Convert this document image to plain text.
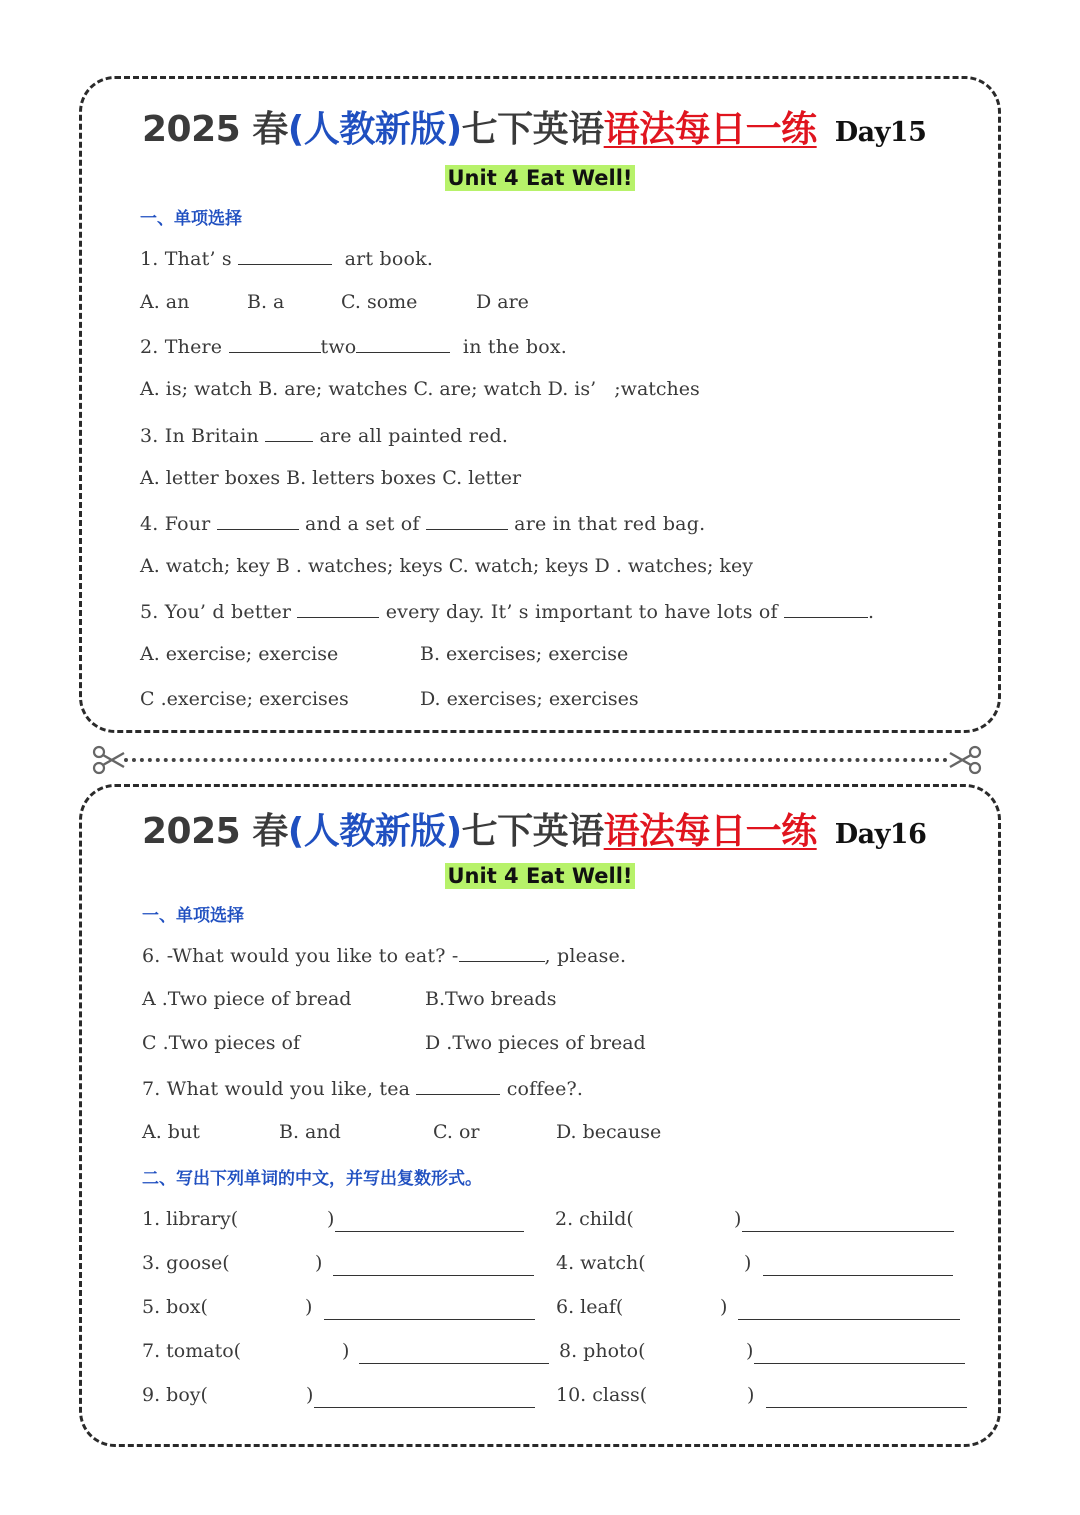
2025 春(人教新版)七下英语语法每日一练 Day15
Unit 4 Eat Well!
一、单项选择
1. That’ s	art book.
A. an	B. a	C. some	D are
2. There	two	in the box.
A. is; watch B. are; watches C. are; watch D. is’   ;watches
3. In Britain	are all painted red.
A. letter boxes B. letters boxes C. letter
4. Four	and a set of	are in that red bag.
A. watch; key B . watches; keys C. watch; keys D . watches; key
5. You’ d better	every day. It’ s important to have lots of	.
A. exercise; exercise	B. exercises; exercise
C .exercise; exercises	D. exercises; exercises
2025 春(人教新版)七下英语语法每日一练 Day16
Unit 4 Eat Well!
一、单项选择
6. -What would you like to eat? -	, please.
A .Two piece of bread	B.Two breads
C .Two pieces of	D .Two pieces of bread
7. What would you like, tea	coffee?.
A. but	B. and	C. or	D. because
二、写出下列单词的中文，并写出复数形式。
1. library(	)	2. child(	)
3. goose(	)	4. watch(	)
5. box(	)	6. leaf(	)
7. tomato(	)	8. photo(	)
9. boy(	)	10. class(	)
